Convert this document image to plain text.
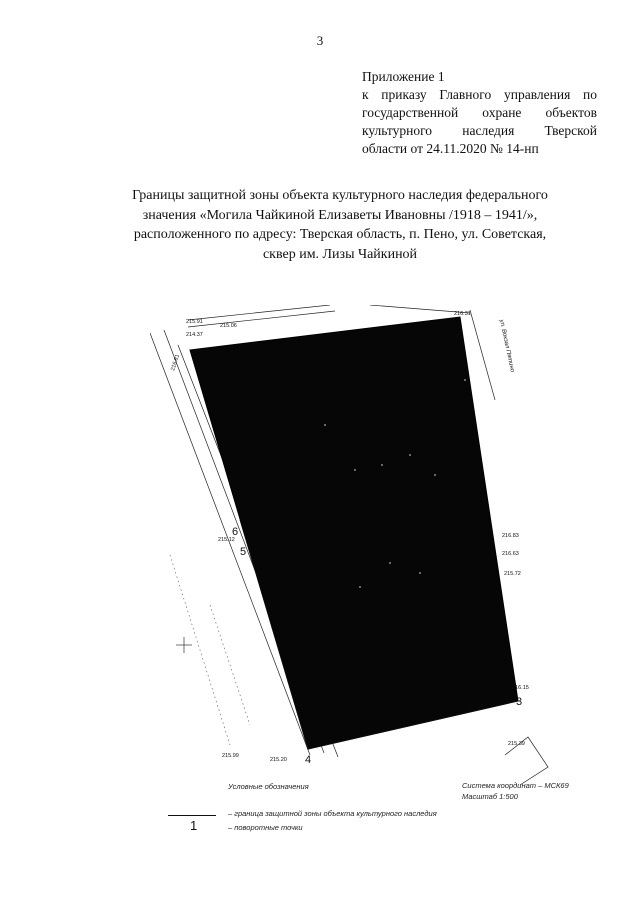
3
Приложение 1
к приказу Главного управления по
государственной охране объектов
культурного наследия Тверской
области от 24.11.2020 № 14-нп
Границы защитной зоны объекта культурного наследия федерального
значения «Могила Чайкиной Елизаветы Ивановны /1918 – 1941/»,
расположенного по адресу: Тверская область, п. Пено, ул. Советская,
сквер им. Лизы Чайкиной
6
5
3
4
215.91
215.06
214.37
216.31
215.12
216.83
216.63
215.72
216.15
215.99
215.20
216.81
215.39
ул. Вокзал Пятино
Система координат – МСК69
Масштаб 1:500
Условные обозначения
– граница защитной зоны объекта культурного наследия
1	– поворотные точки
